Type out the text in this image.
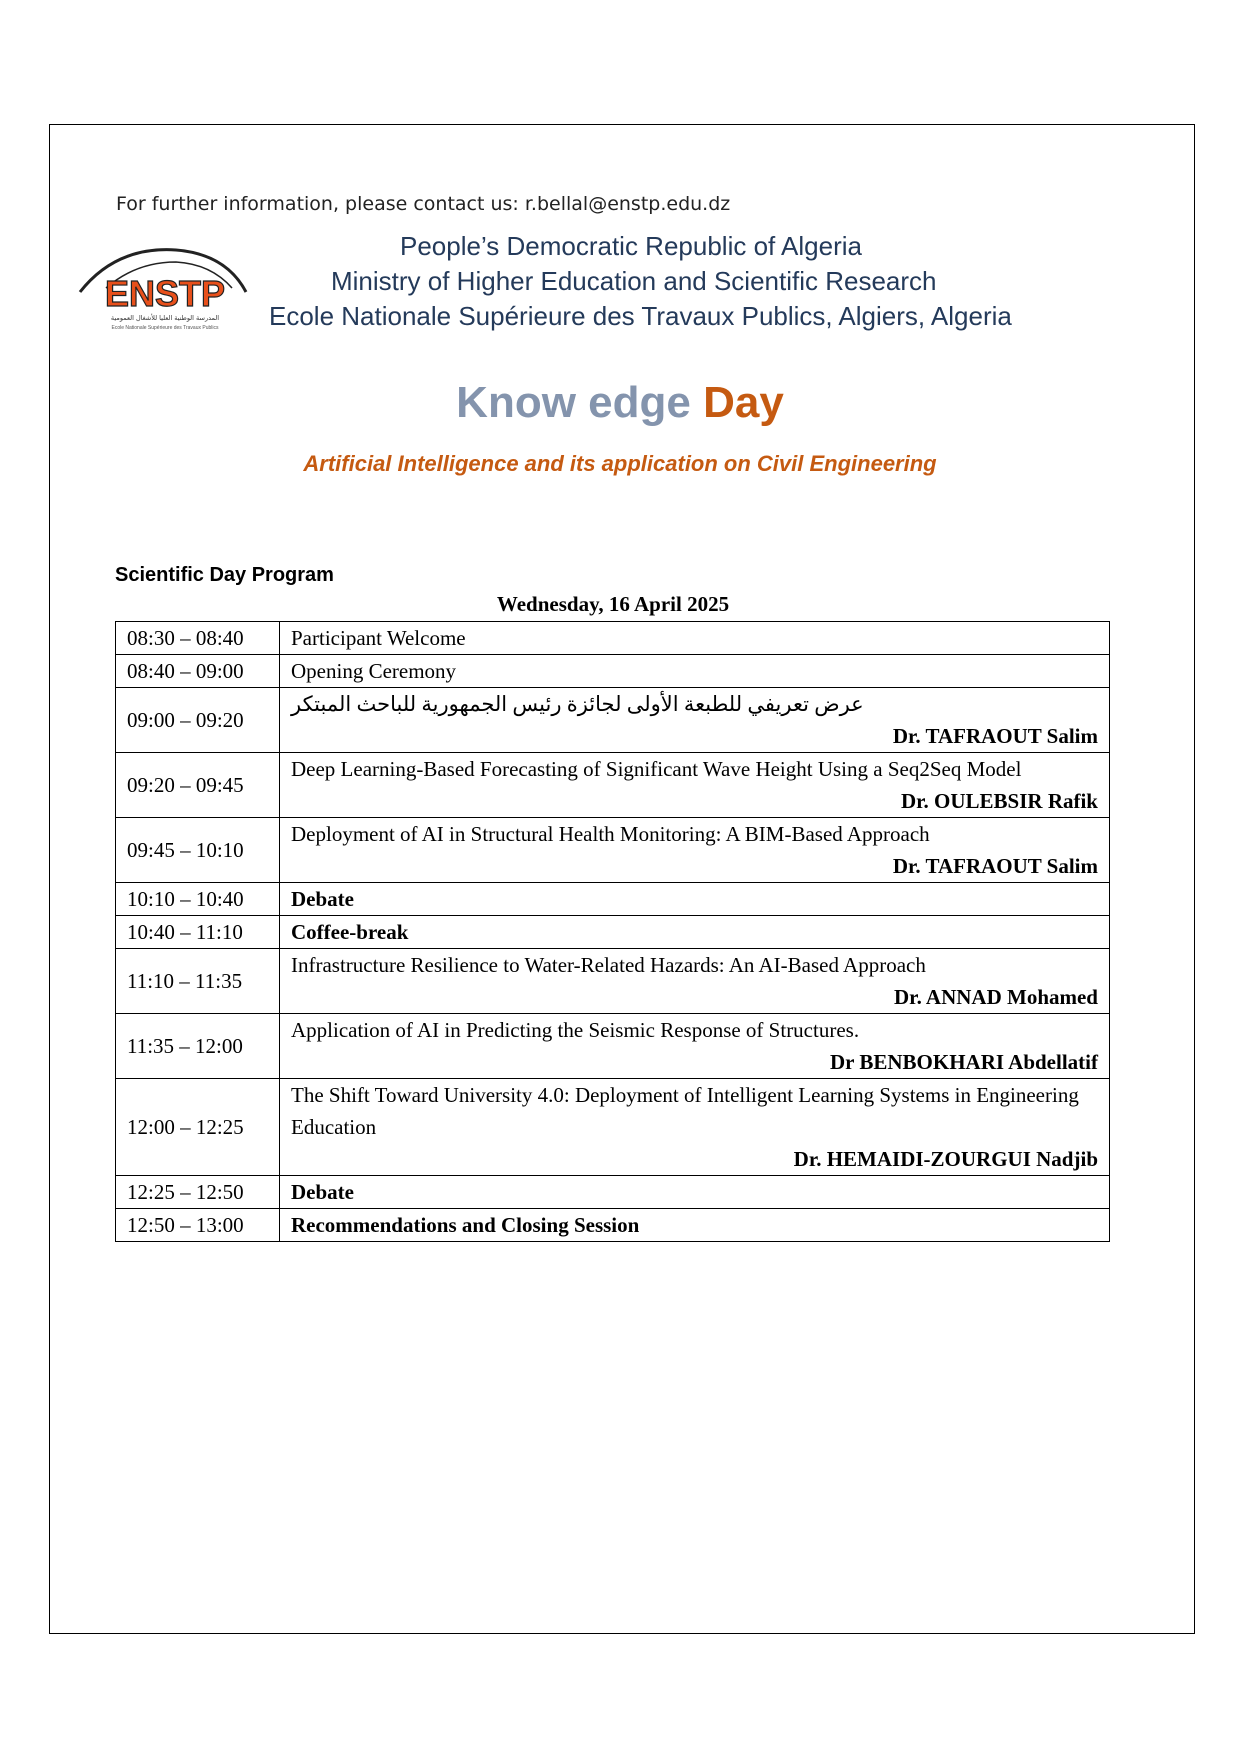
For further information, please contact us: r.bellal@enstp.edu.dz
ENSTP
المدرسة الوطنية العليا للأشغال العمومية
Ecole Nationale Supérieure des Travaux Publics
People’s Democratic Republic of Algeria
Ministry of Higher Education and Scientific Research
Ecole Nationale Supérieure des Travaux Publics, Algiers, Algeria
Know edge Day
Artificial Intelligence and its application on Civil Engineering
Scientific Day Program
Wednesday, 16 April 2025
08:30 – 08:40	Participant Welcome
08:40 – 09:00	Opening Ceremony
09:00 – 09:20	عرض تعريفي للطبعة الأولى لجائزة رئيس الجمهورية للباحث المبتكر
Dr. TAFRAOUT Salim

09:20 – 09:45	Deep Learning-Based Forecasting of Significant Wave Height Using a Seq2Seq Model
Dr. OULEBSIR Rafik

09:45 – 10:10	Deployment of AI in Structural Health Monitoring: A BIM-Based Approach
Dr. TAFRAOUT Salim

10:10 – 10:40	Debate
10:40 – 11:10	Coffee-break
11:10 – 11:35	Infrastructure Resilience to Water-Related Hazards: An AI-Based Approach
Dr. ANNAD Mohamed

11:35 – 12:00	Application of AI in Predicting the Seismic Response of Structures.
Dr BENBOKHARI Abdellatif

12:00 – 12:25	The Shift Toward University 4.0: Deployment of Intelligent Learning Systems in Engineering Education
Dr. HEMAIDI-ZOURGUI Nadjib

12:25 – 12:50	Debate
12:50 – 13:00	Recommendations and Closing Session
